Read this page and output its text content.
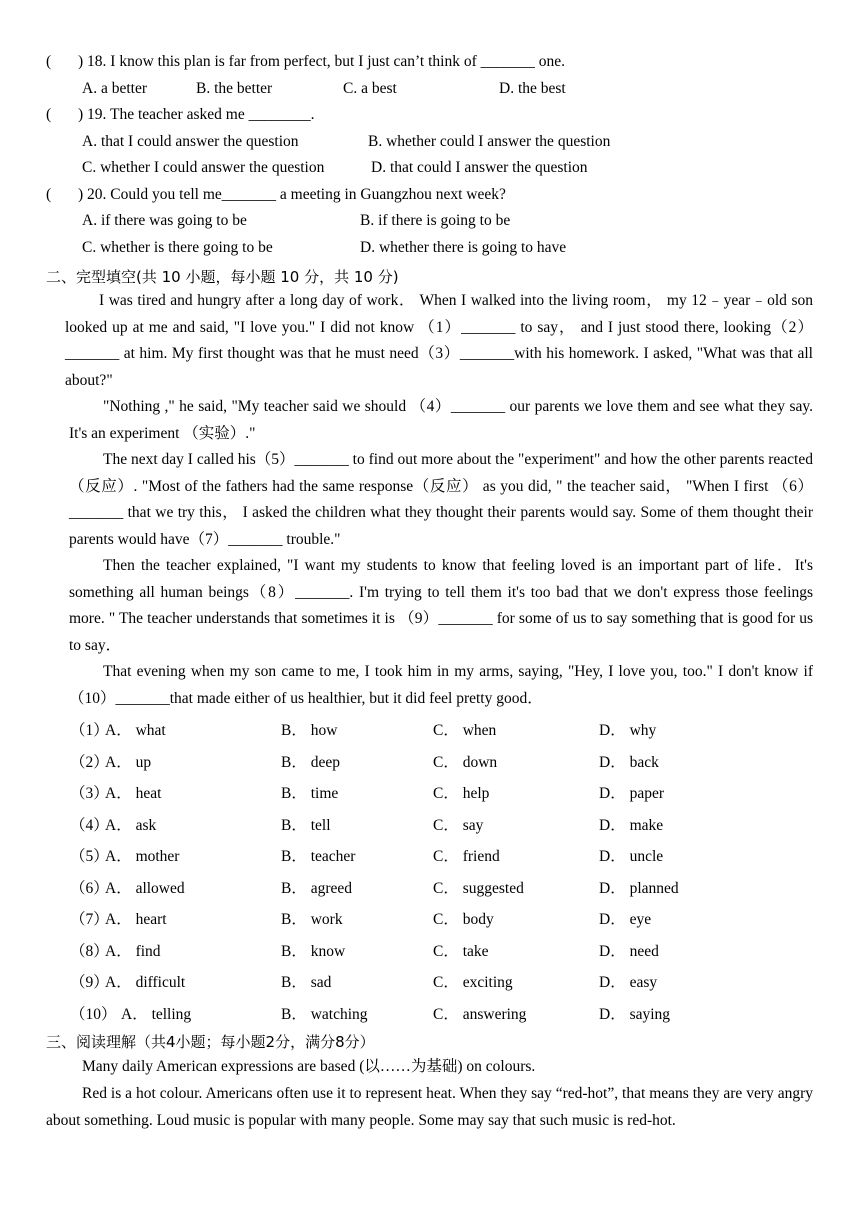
( ) 18. I know this plan is far from perfect, but I just can’t think of _______ one.
A. a better	B. the better	C. a best	D. the best
( ) 19. The teacher asked me ________.
A. that I could answer the question	B. whether could I answer the question
C. whether I could answer the question	D. that could I answer the question
( ) 20. Could you tell me_______ a meeting in Guangzhou next week?
A. if there was going to be	B. if there is going to be
C. whether is there going to be	D. whether there is going to have
二、完型填空(共 10 小题，每小题 10 分，共 10 分)
I was tired and hungry after a long day of work． When I walked into the living room， my 12﹣year﹣old son looked up at me and said, "I love you." I did not know （1）_______ to say， and I just stood there, looking（2）_______ at him. My first thought was that he must need（3）_______with his homework. I asked, "What was that all about?"
"Nothing ," he said, "My teacher said we should （4）_______ our parents we love them and see what they say. It's an experiment （实验）."
The next day I called his（5）_______ to find out more about the "experiment" and how the other parents reacted （反应）. "Most of the fathers had the same response（反应） as you did, " the teacher said， "When I first （6）_______ that we try this， I asked the children what they thought their parents would say. Some of them thought their parents would have（7）_______ trouble."
Then the teacher explained, "I want my students to know that feeling loved is an important part of life．It's something all human beings（8）_______. I'm trying to tell them it's too bad that we don't express those feelings more. " The teacher understands that sometimes it is （9）_______ for some of us to say something that is good for us to say．
That evening when my son came to me, I took him in my arms, saying, "Hey, I love you, too." I don't know if （10）_______that made either of us healthier, but it did feel pretty good．
（1）
A． what	B． how	C． when	D． why
（2）
A． up	B． deep	C． down	D． back
（3）
A． heat	B． time	C． help	D． paper
（4）
A． ask	B． tell	C． say	D． make
（5）
A． mother	B． teacher	C． friend	D． uncle
（6）
A． allowed	B． agreed	C． suggested	D． planned
（7）
A． heart	B． work	C． body	D． eye
（8）
A． find	B． know	C． take	D． need
（9）
A． difficult	B． sad	C． exciting	D． easy
（10） A． telling	B． watching	C． answering	D． saying
三、阅读理解（共4小题；每小题2分，满分8分）
Many daily American expressions are based (以……为基础) on colours.
Red is a hot colour. Americans often use it to represent heat. When they say “red-hot”, that means they are very angry about something. Loud music is popular with many people. Some may say that such music is red-hot.
